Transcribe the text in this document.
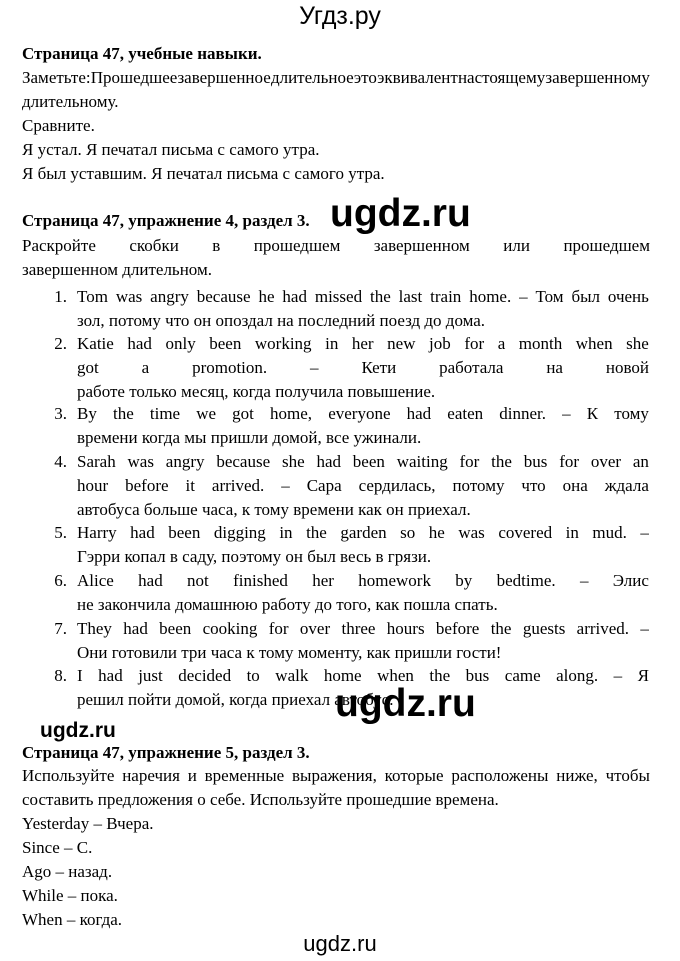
Угдз.ру
Страница 47, учебные навыки.
Заметьте: Прошедшее завершенное длительное это эквивалент настоящему завершенному
длительному.
Сравните.
Я устал. Я печатал письма с самого утра.
Я был уставшим. Я печатал письма с самого утра.
Страница 47, упражнение 4, раздел 3. ugdz.ru
Раскройте скобки в прошедшем завершенном или прошедшем
завершенном длительном.
1. Tom was angry because he had missed the last train home. – Том был очень
зол, потому что он опоздал на последний поезд до дома.
2. Katie had only been working in her new job for a month when she
got	a	promotion.	–	Кети	работала	на	новой
работе только месяц, когда получила повышение.
3. By the time we got home, everyone had eaten dinner. – К тому
времени когда мы пришли домой, все ужинали.
4. Sarah was angry because she had been waiting for the bus for over an
hour before it arrived. – Сара сердилась, потому что она ждала
автобуса больше часа, к тому времени как он приехал.
5. Harry had been digging in the garden so he was covered in mud. –
Гэрри копал в саду, поэтому он был весь в грязи.
6. Alice had not finished her homework by bedtime. – Элис
не закончила домашнюю работу до того, как пошла спать.
7. They had been cooking for over three hours before the guests arrived. –
Они готовили три часа к тому моменту, как пришли гости!
8. I had just decided to walk home when the bus came along. – Я
решил пойти домой, когда приехал автобус.
ugdz.ru
ugdz.ru
Страница 47, упражнение 5, раздел 3.
Используйте наречия и временные выражения, которые расположены ниже, чтобы
составить предложения о себе. Используйте прошедшие времена.
Yesterday – Вчера.
Since – С.
Ago – назад.
While – пока.
When – когда.
ugdz.ru
